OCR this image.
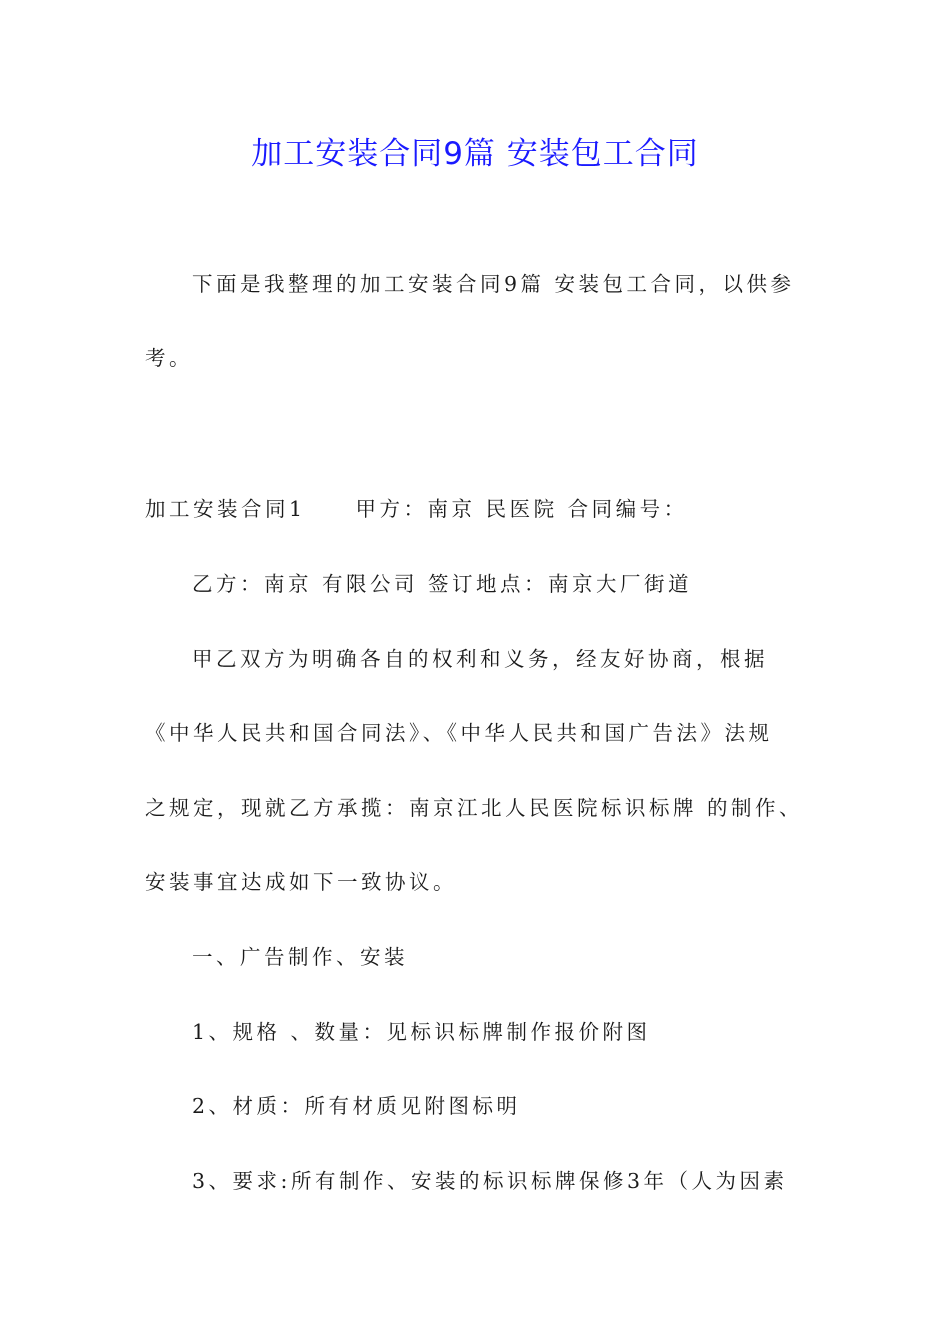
加工安装合同9篇 安装包工合同
下面是我整理的加工安装合同9篇 安装包工合同，以供参
考。
加工安装合同1 甲方：南京 民医院 合同编号：
乙方：南京 有限公司 签订地点：南京大厂街道
甲乙双方为明确各自的权利和义务，经友好协商，根据
《中华人民共和国合同法》、《中华人民共和国广告法》法规
之规定，现就乙方承揽：南京江北人民医院标识标牌 的制作、
安装事宜达成如下一致协议。
一、广告制作、安装
1、规格 、数量：见标识标牌制作报价附图
2、材质：所有材质见附图标明
3、要求:所有制作、安装的标识标牌保修3年（人为因素
